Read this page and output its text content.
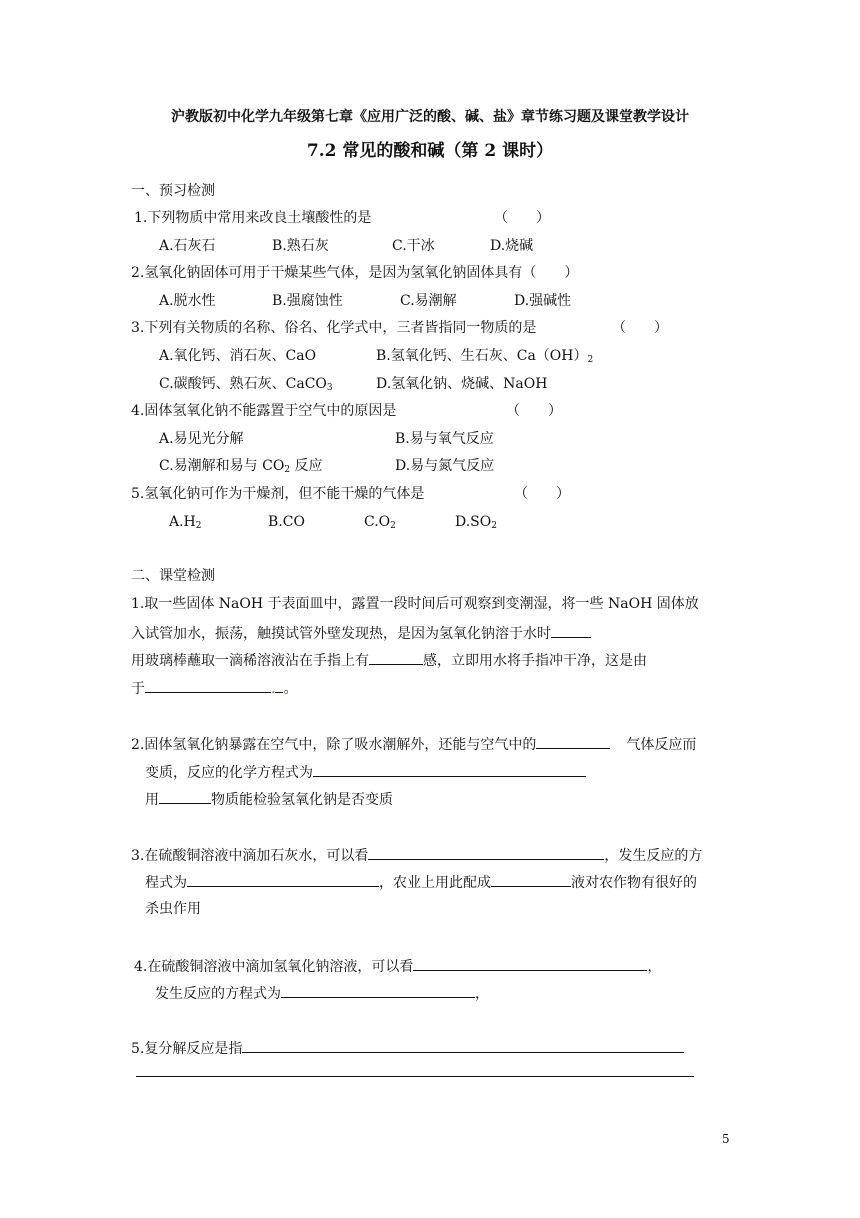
沪教版初中化学九年级第七章《应用广泛的酸、碱、盐》章节练习题及课堂教学设计
7.2 常见的酸和碱（第 2 课时）
一、预习检测
1.下列物质中常用来改良土壤酸性的是	（　　）
A.石灰石	B.熟石灰	C.干冰	D.烧碱
2.氢氧化钠固体可用于干燥某些气体，是因为氢氧化钠固体具有（　　）
A.脱水性	B.强腐蚀性	C.易潮解	D.强碱性
3.下列有关物质的名称、俗名、化学式中，三者皆指同一物质的是	（　　）
A.氧化钙、消石灰、CaO	B.氢氧化钙、生石灰、$Ca(OH)_2$
C.碳酸钙、熟石灰、CaCO$_3$	D.氢氧化钠、烧碱、NaOH
4.固体氢氧化钠不能露置于空气中的原因是	（　　）
A.易见光分解	B.易与氧气反应
C.易潮解和易与 $CO_2$ 反应	D.易与氮气反应
5.氢氧化钠可作为干燥剂，但不能干燥的气体是	（　　）
$A.H_2$	B.CO	$C.O_2$	$D.SO_2$
二、课堂检测
1.取一些固体 NaOH 于表面皿中，露置一段时间后可观察到变潮湿，将一些 NaOH 固体放
入试管加水，振荡，触摸试管外壁发现热，是因为氢氧化钠溶于水时
用玻璃棒蘸取一滴稀溶液沾在手指上有	感，立即用水将手指冲干净，这是由
于	. 。
2.固体氢氧化钠暴露在空气中，除了吸水潮解外，还能与空气中的	气体反应而
变质，反应的化学方程式为
用	物质能检验氢氧化钠是否变质
3.在硫酸铜溶液中滴加石灰水，可以看	，发生反应的方
程式为	，农业上用此配成	液对农作物有很好的
杀虫作用
4.在硫酸铜溶液中滴加氢氧化钠溶液，可以看	，
发生反应的方程式为	，
5.复分解反应是指
5
